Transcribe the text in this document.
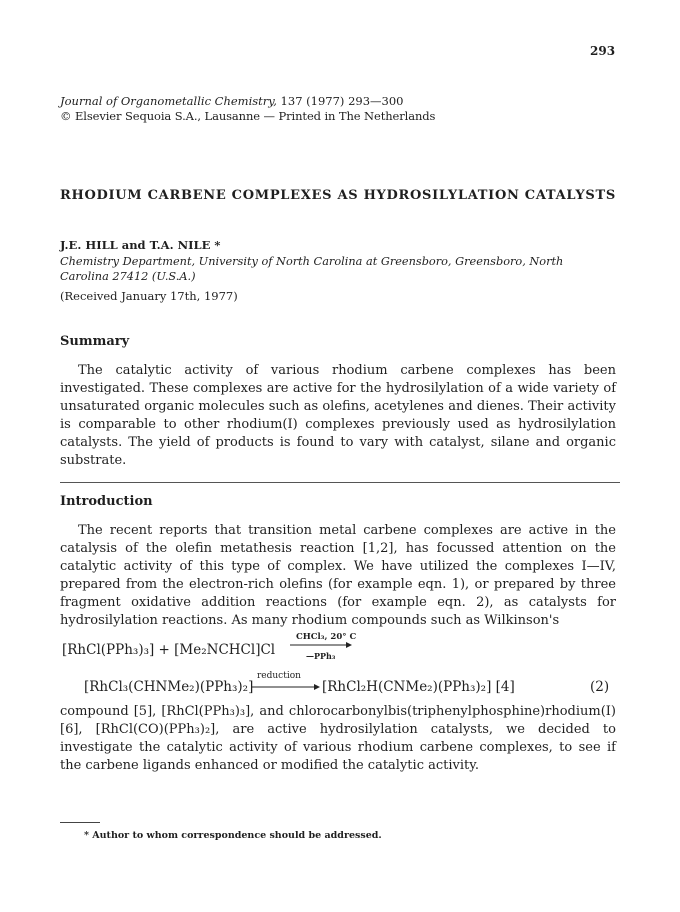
293
Journal of Organometallic Chemistry, 137 (1977) 293—300
© Elsevier Sequoia S.A., Lausanne — Printed in The Netherlands
RHODIUM CARBENE COMPLEXES AS HYDROSILYLATION CATALYSTS
J.E. HILL and T.A. NILE *
Chemistry Department, University of North Carolina at Greensboro, Greensboro, North Carolina 27412 (U.S.A.)
(Received January 17th, 1977)
Summary
The catalytic activity of various rhodium carbene complexes has been investigated. These complexes are active for the hydrosilylation of a wide variety of unsaturated organic molecules such as olefins, acetylenes and dienes. Their activity is comparable to other rhodium(I) complexes previously used as hydrosilylation catalysts. The yield of products is found to vary with catalyst, silane and organic substrate.
Introduction
The recent reports that transition metal carbene complexes are active in the catalysis of the olefin metathesis reaction [1,2], has focussed attention on the catalytic activity of this type of complex. We have utilized the complexes I—IV, prepared from the electron-rich olefins (for example eqn. 1), or prepared by three fragment oxidative addition reactions (for example eqn. 2), as catalysts for hydrosilylation reactions. As many rhodium compounds such as Wilkinson's
[RhCl(PPh₃)₃] + [Me₂NCHCl]Cl
CHCl₃, 20° C
—PPh₃
[RhCl₃(CHNMe₂)(PPh₃)₂]
reduction
[RhCl₂H(CNMe₂)(PPh₃)₂] [4]	(2)
compound [5], [RhCl(PPh₃)₃], and chlorocarbonylbis(triphenylphosphine)rhodium(I) [6], [RhCl(CO)(PPh₃)₂], are active hydrosilylation catalysts, we decided to investigate the catalytic activity of various rhodium carbene complexes, to see if the carbene ligands enhanced or modified the catalytic activity.
* Author to whom correspondence should be addressed.
